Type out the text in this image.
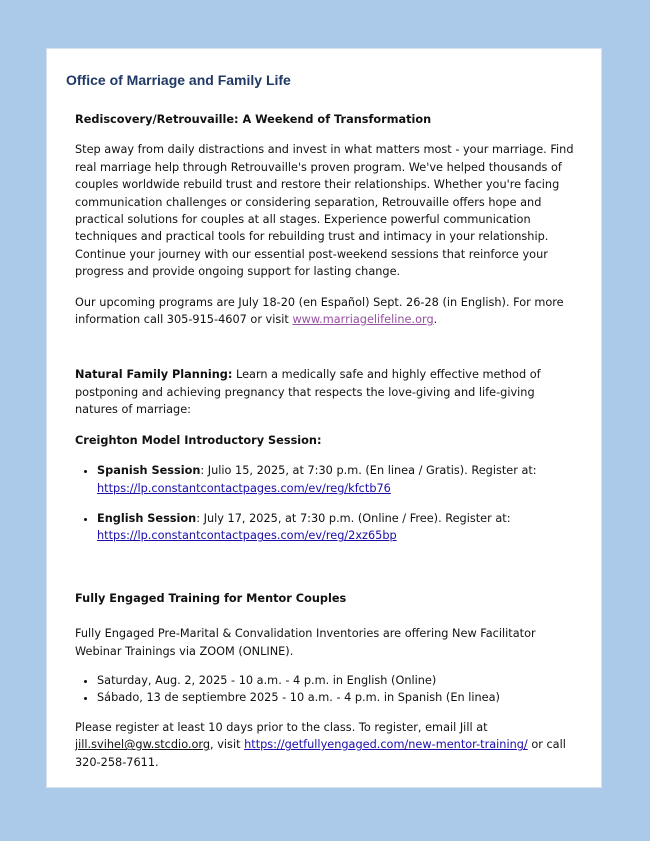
Office of Marriage and Family Life

Rediscovery/Retrouvaille: A Weekend of Transformation

Step away from daily distractions and invest in what matters most - your marriage. Find real marriage help through Retrouvaille's proven program. We've helped thousands of couples worldwide rebuild trust and restore their relationships. Whether you're facing communication challenges or considering separation, Retrouvaille offers hope and practical solutions for couples at all stages. Experience powerful communication techniques and practical tools for rebuilding trust and intimacy in your relationship. Continue your journey with our essential post-weekend sessions that reinforce your progress and provide ongoing support for lasting change.

Our upcoming programs are July 18-20 (en Español) Sept. 26-28 (in English). For more information call 305-915-4607 or visit www.marriagelifeline.org.

Natural Family Planning: Learn a medically safe and highly effective method of postponing and achieving pregnancy that respects the love-giving and life-giving natures of marriage:

Creighton Model Introductory Session:

• Spanish Session: Julio 15, 2025, at 7:30 p.m. (En linea / Gratis). Register at:
https://lp.constantcontactpages.com/ev/reg/kfctb76
• English Session: July 17, 2025, at 7:30 p.m. (Online / Free). Register at:
https://lp.constantcontactpages.com/ev/reg/2xz65bp

Fully Engaged Training for Mentor Couples

Fully Engaged Pre-Marital & Convalidation Inventories are offering New Facilitator Webinar Trainings via ZOOM (ONLINE).

• Saturday, Aug. 2, 2025 - 10 a.m. - 4 p.m. in English (Online)
• Sábado, 13 de septiembre 2025 - 10 a.m. - 4 p.m. in Spanish (En linea)

Please register at least 10 days prior to the class. To register, email Jill at jill.svihel@gw.stcdio.org, visit https://getfullyengaged.com/new-mentor-training/ or call 320-258-7611.
